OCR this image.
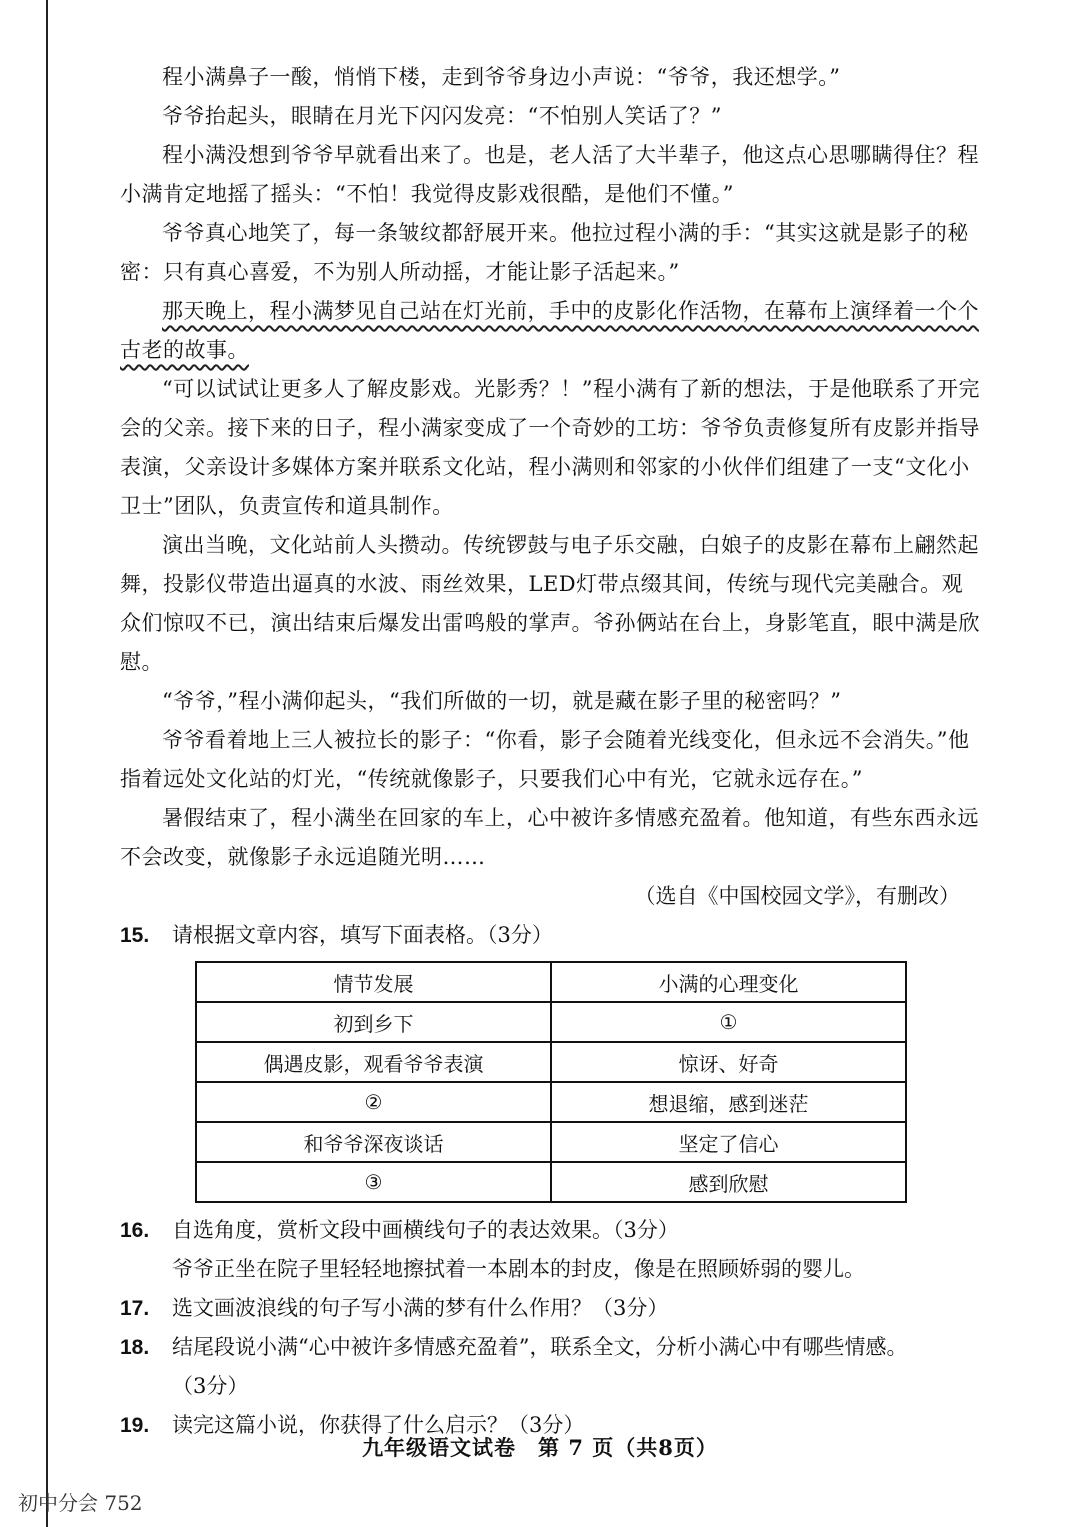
程小满鼻子一酸，悄悄下楼，走到爷爷身边小声说：“爷爷，我还想学。”

爷爷抬起头，眼睛在月光下闪闪发亮：“不怕别人笑话了？”

程小满没想到爷爷早就看出来了。也是，老人活了大半辈子，他这点心思哪瞒得住？程小满肯定地摇了摇头：“不怕！我觉得皮影戏很酷，是他们不懂。”

爷爷真心地笑了，每一条皱纹都舒展开来。他拉过程小满的手：“其实这就是影子的秘密：只有真心喜爱，不为别人所动摇，才能让影子活起来。”

那天晚上，程小满梦见自己站在灯光前，手中的皮影化作活物，在幕布上演绎着一个个古老的故事。

“可以试试让更多人了解皮影戏。光影秀？！”程小满有了新的想法，于是他联系了开完会的父亲。接下来的日子，程小满家变成了一个奇妙的工坊：爷爷负责修复所有皮影并指导表演，父亲设计多媒体方案并联系文化站，程小满则和邻家的小伙伴们组建了一支“文化小卫士”团队，负责宣传和道具制作。

演出当晚，文化站前人头攒动。传统锣鼓与电子乐交融，白娘子的皮影在幕布上翩然起舞，投影仪带造出逼真的水波、雨丝效果，LED灯带点缀其间，传统与现代完美融合。观众们惊叹不已，演出结束后爆发出雷鸣般的掌声。爷孙俩站在台上，身影笔直，眼中满是欣慰。

“爷爷，”程小满仰起头，“我们所做的一切，就是藏在影子里的秘密吗？”

爷爷看着地上三人被拉长的影子：“你看，影子会随着光线变化，但永远不会消失。”他指着远处文化站的灯光，“传统就像影子，只要我们心中有光，它就永远存在。”

暑假结束了，程小满坐在回家的车上，心中被许多情感充盈着。他知道，有些东西永远不会改变，就像影子永远追随光明……

（选自《中国校园文学》，有删改）

15.	请根据文章内容，填写下面表格。（3分）
情节发展	小满的心理变化
初到乡下	①
偶遇皮影，观看爷爷表演	惊讶、好奇
②	想退缩，感到迷茫
和爷爷深夜谈话	坚定了信心
③	感到欣慰
16.	自选角度，赏析文段中画横线句子的表达效果。（3分）

爷爷正坐在院子里轻轻地擦拭着一本剧本的封皮，像是在照顾娇弱的婴儿。

17.	选文画波浪线的句子写小满的梦有什么作用？（3分）
18.	结尾段说小满“心中被许多情感充盈着”，联系全文，分析小满心中有哪些情感。

（3分）

19.	读完这篇小说，你获得了什么启示？（3分）
九年级语文试卷　第 7 页（共8页）
初中分会 752
